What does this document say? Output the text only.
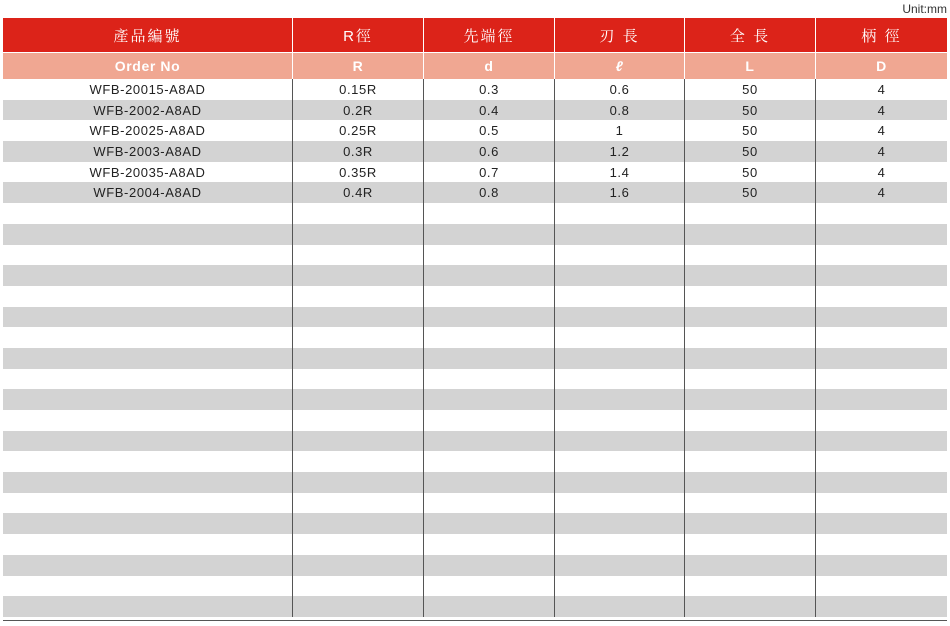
Unit:mm
產品編號	R徑	先端徑	刃 長	全 長	柄 徑
Order No	R	d	ℓ	L	D
WFB-20015-A8AD	0.15R	0.3	0.6	50	4
WFB-2002-A8AD	0.2R	0.4	0.8	50	4
WFB-20025-A8AD	0.25R	0.5	1	50	4
WFB-2003-A8AD	0.3R	0.6	1.2	50	4
WFB-20035-A8AD	0.35R	0.7	1.4	50	4
WFB-2004-A8AD	0.4R	0.8	1.6	50	4
